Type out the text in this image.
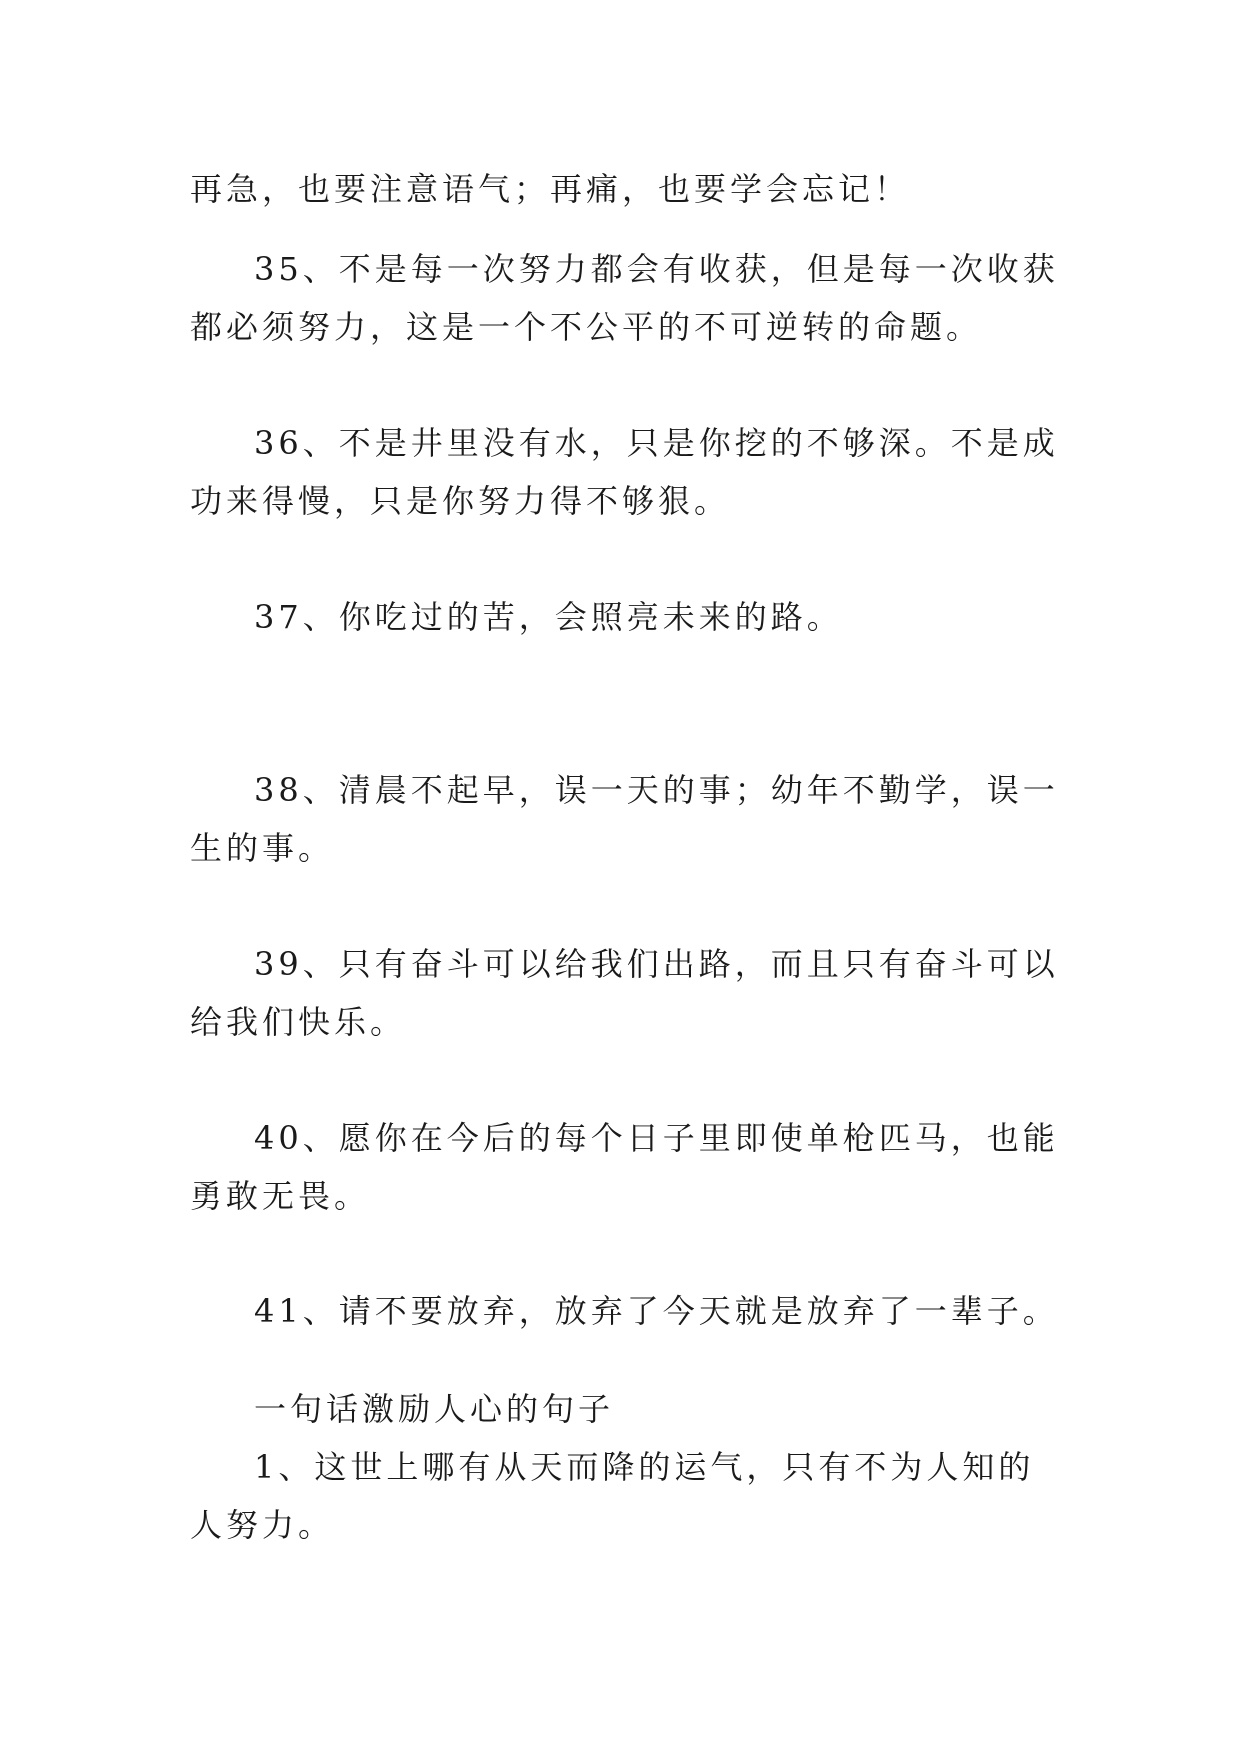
再急，也要注意语气；再痛，也要学会忘记！

35、不是每一次努力都会有收获，但是每一次收获都必须努力，这是一个不公平的不可逆转的命题。

36、不是井里没有水，只是你挖的不够深。不是成功来得慢，只是你努力得不够狠。

37、你吃过的苦，会照亮未来的路。

38、清晨不起早，误一天的事；幼年不勤学，误一生的事。

39、只有奋斗可以给我们出路，而且只有奋斗可以给我们快乐。

40、愿你在今后的每个日子里即使单枪匹马，也能勇敢无畏。

41、请不要放弃，放弃了今天就是放弃了一辈子。

一句话激励人心的句子

1、这世上哪有从天而降的运气，只有不为人知的人努力。
